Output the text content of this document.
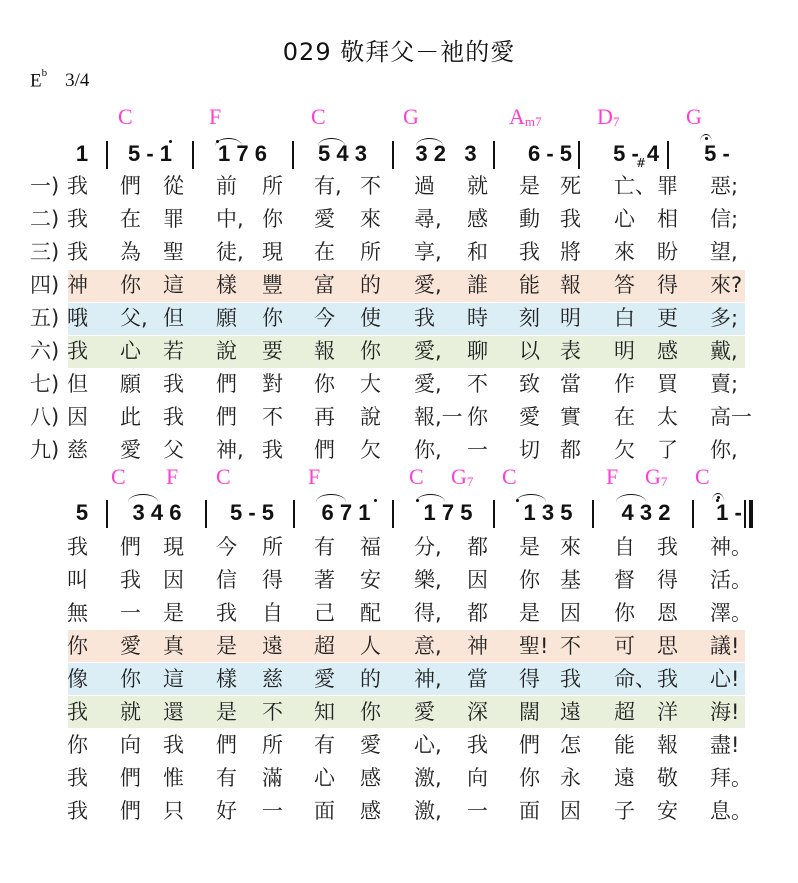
029 敬拜父－祂的愛
$E^b$ 3/4
C	F	C	G	$A_{m7}$	$D_7$	G
$_{\#}$
1	5 - 1	1 7 6	5 4 3	3 2   3	6 - 5	5 - 4	5 -
一) 我 們 從 前 所 有, 不 過 就 是 死 亡、 罪 惡;
二) 我 在 罪 中, 你 愛 來 尋, 感 動 我 心 相 信;
三) 我 為 聖 徒, 現 在 所 享, 和 我 將 來 盼 望,
四) 神 你 這 樣 豐 富 的 愛, 誰 能 報 答 得 來?
五) 哦 父, 但 願 你 今 使 我 時 刻 明 白 更 多;
六) 我 心 若 說 要 報 你 愛, 聊 以 表 明 感 戴,
七) 但 願 我 們 對 你 大 愛, 不 致 當 作 買 賣;
八) 因 此 我 們 不 再 說 報,一 你 愛 實 在 太 高一
九) 慈 愛 父 神, 我 們 欠 你, 一 切 都 欠 了 你,
C F C	F	C $G_7$ C	F $G_7$ C
5	3 4 6	5 - 5	6 7 1	1 7 5	1 3 5	4 3 2	1 -
我 們 現 今 所 有 福 分, 都 是 來 自 我 神。
叫 我 因 信 得 著 安 樂, 因 你 基 督 得 活。
無 一 是 我 自 己 配 得, 都 是 因 你 恩 澤。
你 愛 真 是 遠 超 人 意, 神 聖! 不 可 思 議!
像 你 這 樣 慈 愛 的 神, 當 得 我 命、 我 心!
我 就 還 是 不 知 你 愛 深 闊 遠 超 洋 海!
你 向 我 們 所 有 愛 心, 我 們 怎 能 報 盡!
我 們 惟 有 滿 心 感 激, 向 你 永 遠 敬 拜。
我 們 只 好 一 面 感 激, 一 面 因 子 安 息。
